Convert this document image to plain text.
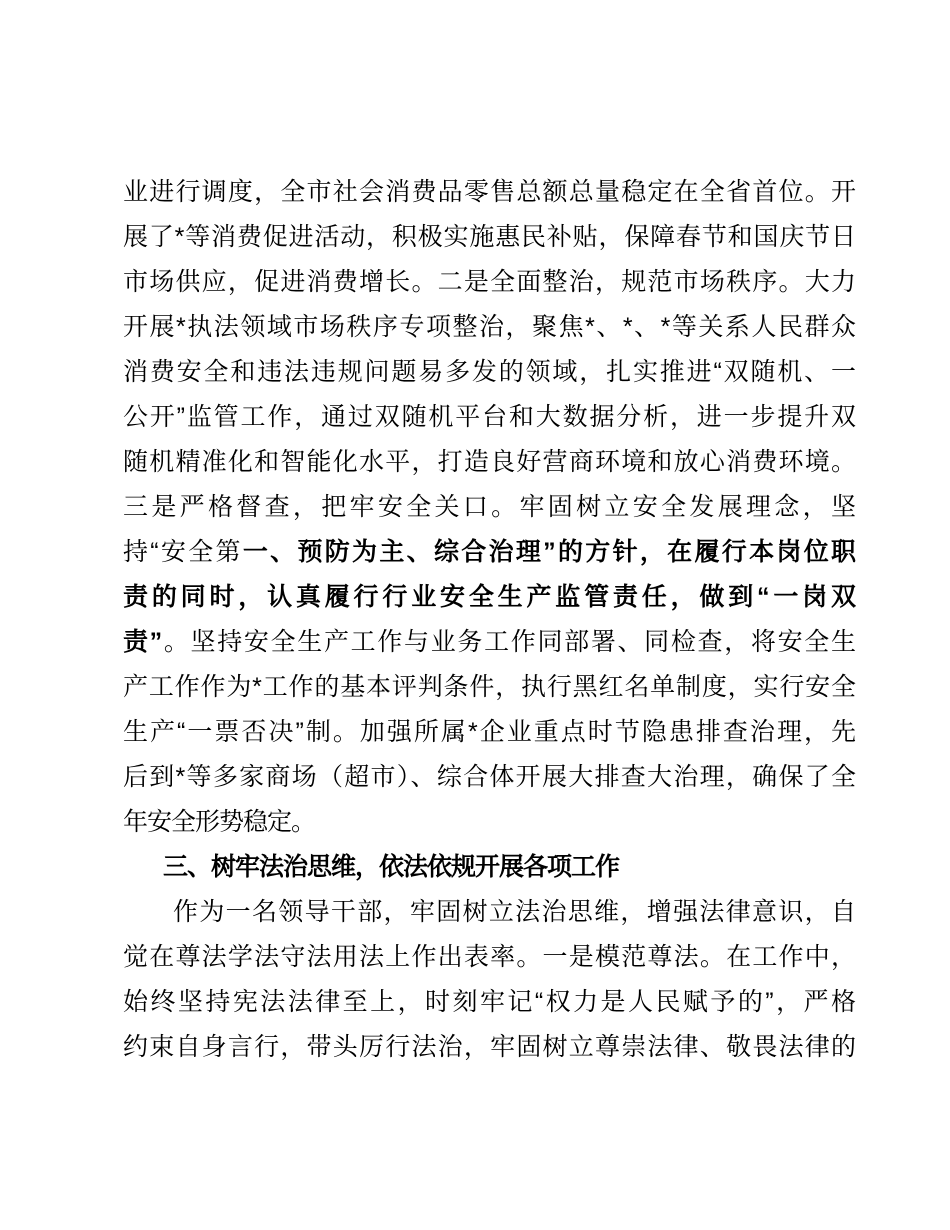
业进行调度，全市社会消费品零售总额总量稳定在全省首位。开
展了*等消费促进活动，积极实施惠民补贴，保障春节和国庆节日
市场供应，促进消费增长。二是全面整治，规范市场秩序。大力
开展*执法领域市场秩序专项整治，聚焦*、*、*等关系人民群众
消费安全和违法违规问题易多发的领域，扎实推进“双随机、一
公开”监管工作，通过双随机平台和大数据分析，进一步提升双
随机精准化和智能化水平，打造良好营商环境和放心消费环境。
三是严格督查，把牢安全关口。牢固树立安全发展理念，坚
持“安全第一、预防为主、综合治理”的方针，在履行本岗位职
责的同时，认真履行行业安全生产监管责任，做到“一岗双
责”。坚持安全生产工作与业务工作同部署、同检查，将安全生
产工作作为*工作的基本评判条件，执行黑红名单制度，实行安全
生产“一票否决”制。加强所属*企业重点时节隐患排查治理，先
后到*等多家商场（超市）、综合体开展大排查大治理，确保了全
年安全形势稳定。
三、树牢法治思维，依法依规开展各项工作
作为一名领导干部，牢固树立法治思维，增强法律意识，自
觉在尊法学法守法用法上作出表率。一是模范尊法。在工作中，
始终坚持宪法法律至上，时刻牢记“权力是人民赋予的”，严格
约束自身言行，带头厉行法治，牢固树立尊崇法律、敬畏法律的
